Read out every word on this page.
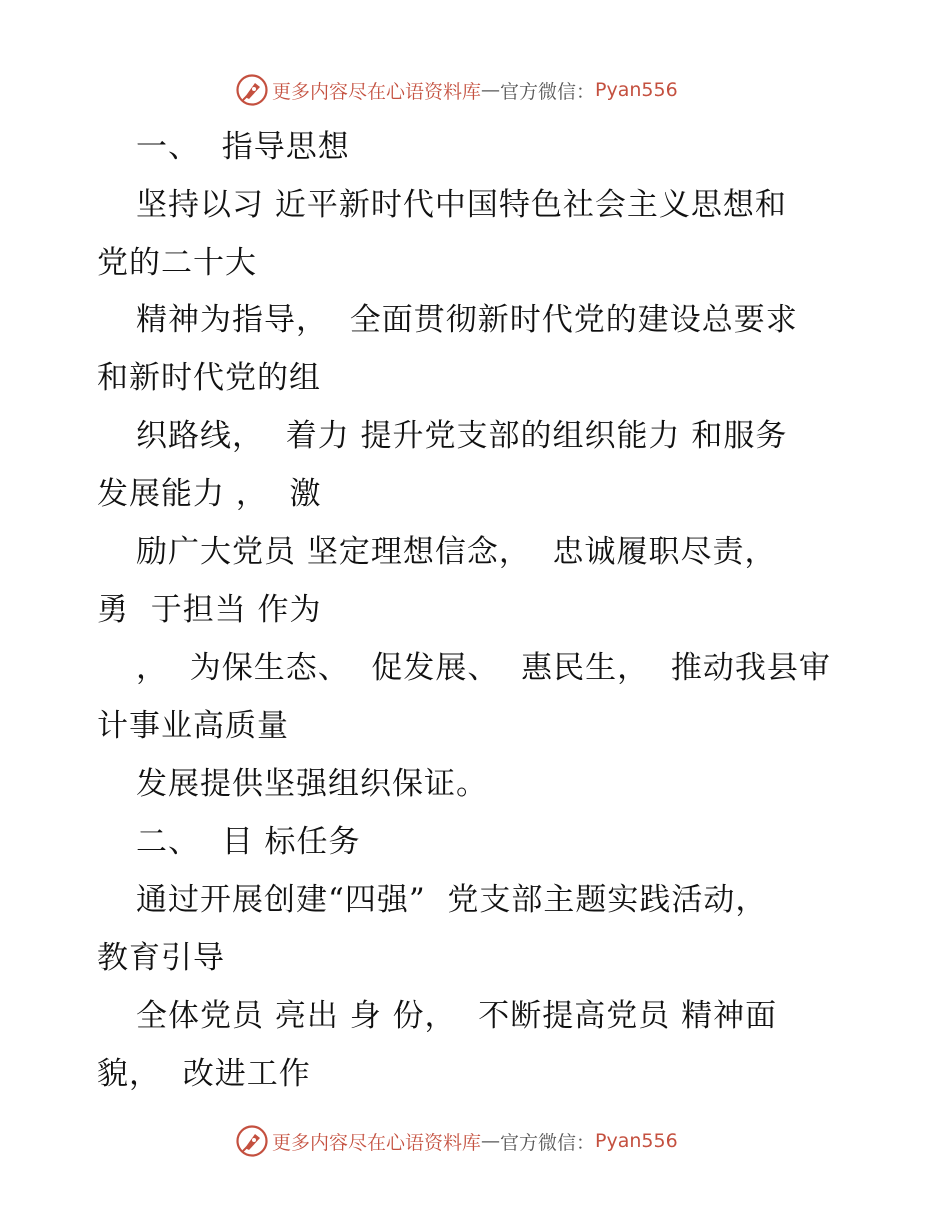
更多内容尽在心语资料库 — 官方微信： Pyan556
一、  指导思想
坚持以习 近平新时代中国特色社会主义思想和
党的二十大
精神为指导，  全面贯彻新时代党的建设总要求
和新时代党的组
织路线，  着力 提升党支部的组织能力 和服务
发展能力 ，  激
励广大党员 坚定理想信念，  忠诚履职尽责，
勇  于担当 作为
，  为保生态、  促发展、  惠民生，  推动我县审
计事业高质量
发展提供坚强组织保证。
二、  目 标任务
通过开展创建“四强”  党支部主题实践活动，
教育引导
全体党员 亮出 身 份，  不断提高党员 精神面
貌，  改进工作
更多内容尽在心语资料库 — 官方微信： Pyan556
